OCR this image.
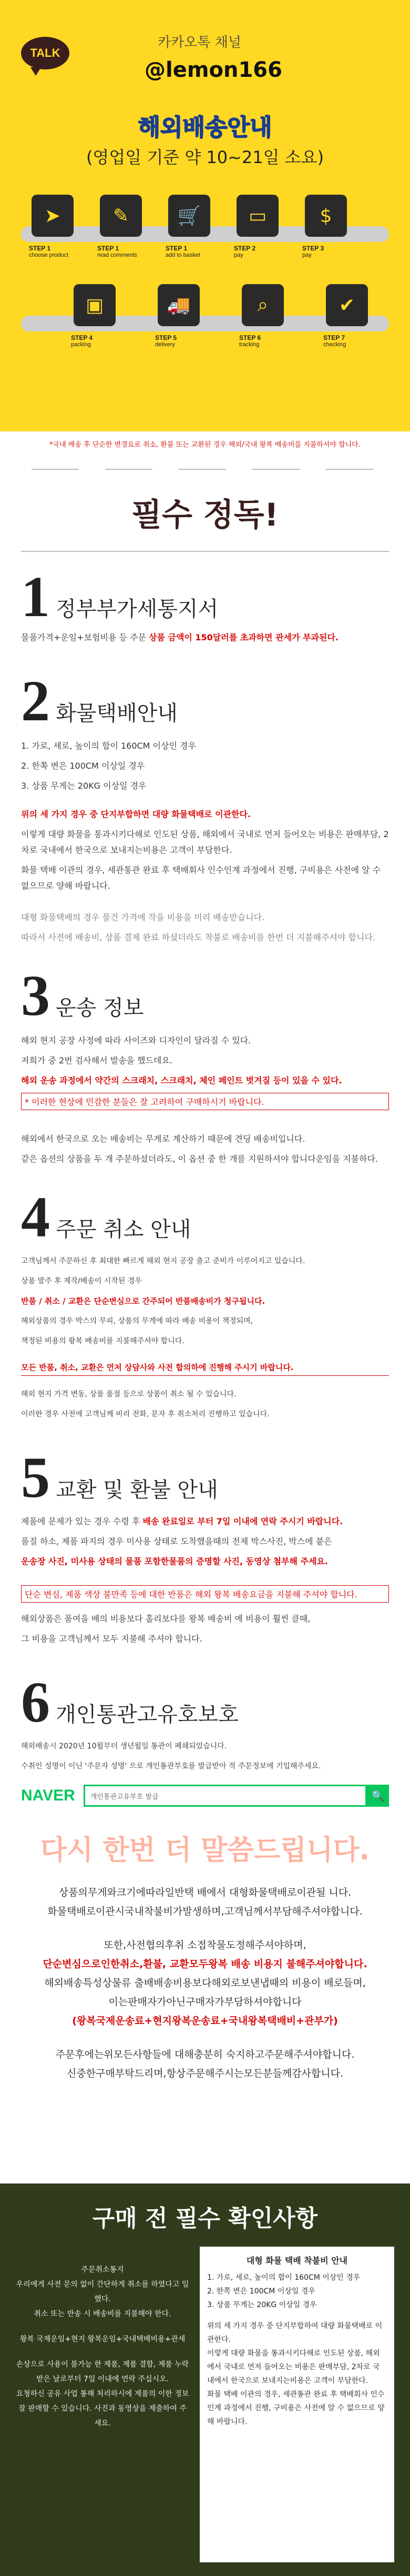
TALK
카카오톡 채널
@lemon166
해외배송안내
(영업일 기준 약 10~21일 소요)
➤
STEP 1
choose product
✎
STEP 1
read comments
🛒
STEP 1
add to basket
▭
STEP 2
pay
$
STEP 3
pay
▣
STEP 4
packing
🚚
STEP 5
delivery
⌕
STEP 6
tracking
✔
STEP 7
checking
*국내 배송 후 단순한 변경요로 취소, 환불 또는 교환된 경우 해외/국내 왕복 배송비를 지불하셔야 합니다.
필수 정독!
1 정부부가세통지서
물품가격+운임+보험비용 등 주문 상품 금액이 150달러를 초과하면 관세가 부과된다.
2 화물택배안내
1. 가로, 세로, 높이의 합이 160CM 이상인 경우
2. 한쪽 변은 100CM 이상일 경우
3. 상품 무게는 20KG 이상일 경우
위의 세 가지 경우 중 단지부합하면 대량 화물택배로 이관한다.
이렇게 대량 화물을 통과시키다해로 인도된 상품, 해외에서 국내로 먼저 들어오는 비용은 판매부담, 2차로 국내에서 한국으로 보내지는비용은 고객이 부담한다.
화물 택배 이관의 경우, 세관통관 완료 후 택배회사 인수인계 과정에서 진행, 구비용은 사전에 알 수 없으므로 양해 바랍니다.
대형 화물택배의 경우 물건 가격에 작을 비용을 미리 배송받습니다.
따라서 사전에 배송비, 상품 결제 완료 하셨더라도 착불로 배송비를 한번 더 지불해주셔야 합니다.
3 운송 정보
해외 현지 공장 사정에 따라 사이즈와 디자인이 달라질 수 있다.
저희가 중 2번 검사해서 발송을 했드데요.
해외 운송 과정에서 약간의 스크래치, 스크래치, 체인 페인트 벗겨질 등이 있을 수 있다.
* 이러한 현상에 민감한 분들은 잘 고려하여 구매하시기 바랍니다.
해외에서 한국으로 오는 배송비는 무게로 계산하기 때문에 견딩 배송비입니다.
같은 옵션의 상품을 두 개 주문하셨더라도, 이 옵션 중 한 개를 지원하셔야 합니다운임을 지불하다.
4 주문 취소 안내
고객님께서 주문하신 후 최대한 빠르게 해외 현지 공장 출고 준비가 이루어지고 있습니다.
상품 발주 후 제작/배송이 시작된 경우
반품 / 취소 / 교환은 단순변심으로 간주되어 반품배송비가 청구됩니다.
해외상품의 경우 박스의 무피, 상품의 무게에 따라 배송 비용이 책정되며,
책정된 비용의 왕복 배송비를 지불해주셔야 합니다.
모든 반품, 취소, 교환은 먼저 상담사와 사전 합의하에 진행해 주시기 바랍니다.
해외 현지 가격 변동, 상품 품절 등으로 상품이 취소 될 수 있습니다.
이러한 경우 사전에 고객님께 비리 전화, 문자 후 취소처리 진행하고 있습니다.
5 교환 및 환불 안내
제품에 문제가 있는 경우 수령 후 배송 완료일로 부터 7일 이내에 연락 주시기 바랍니다.
품질 하소, 제품 파지의 경우 미사용 상태로 도착했을때의 전제 박스사진, 박스에 붙은
운송장 사진, 미사용 상태의 물품 포함한물품의 증명할 사진, 동영상 첨부해 주세요.
단순 변심, 제품 색상 불만족 등에 대한 반품은 해외 왕복 배송요금을 지불해 주셔야 합니다.
해외상품은 품여을 배의 비용보다 홀리보다를 왕복 배송비 예 비용이 훨씬 클때,
그 비용을 고객님께서 모두 지불해 주셔야 합니다.
6 개인통관고유호보호
해외배송시 2020년 10월부터 생년월일 통관이 폐쇄되었습니다.
수취인 성명이 이닌 '주문자 성명' 으로 개인통관부호를 발급받아 적 주문정보에 기입해주세요.
NAVER	개인통관고유부호 발급	🔍
다시 한번 더 말씀드립니다.
상품의무게와크기에따라일반택 배에서 대형화물택배로이관될 니다.
화물택배로이관시국내착불비가발생하며,고객님께서부담해주셔야합니다.
또한,사전협의후취 소접착물도정해주셔야하며,
단순변심으로인한취소,환불, 교환모두왕복 배송 비용지 불해주셔야합니다.
해외배송특성상물류 출배배송비용보다해외로보낸냅때의 비용이 배로들며,
이는판매자가아닌구매자가부담하셔야합니다
(왕복국제운송료+현지왕복운송료+국내왕복택배비+관부가)
주문후에는위모든사항들에 대해충분히 숙지하고주문해주셔야합니다.
신중한구매부탁드리며,항상주문해주시는모든분들께감사합니다.
구매 전 필수 확인사항
주문취소통지
우리에게 사전 문의 없이 간단하게 취소를 하였다고 일했다.
취소 또는 반송 시 배송비를 지불해야 한다.
왕복 국제운임+현지 왕복운임+국내택배비용+관세
손상으로 사용이 불가능 한 제품, 제품 결함, 제품 누락
받은 날로부터 7일 이내에 연락 주십시오.
요청하신 공유 사업 통해 처리하시에 제품의 이한 정보
잘 판매할 수 있습니다. 사진과 동영상을 제출하여 주세요.
대형 화물 택배 착불비 안내
1. 가로, 세로, 높이의 합이 160CM 이상인 경우
2. 한쪽 변은 100CM 이상일 경우
3. 상품 무게는 20KG 이상일 경우
위의 세 가지 경우 중 단지부합하여 대량 화물택배로 이관한다.
이렇게 대량 화물을 통과시키다해로 인도된 상품, 해외에서 국내로 먼저 들어오는 비용은 판매부담, 2차로 국내에서 한국으로 보내지는비용은 고객이 부담한다.
화물 택배 이관의 경우, 세관통관 완료 후 택배회사 인수인계 과정에서 진행, 구비용은 사전에 알 수 없으므로 양해 바랍니다.
